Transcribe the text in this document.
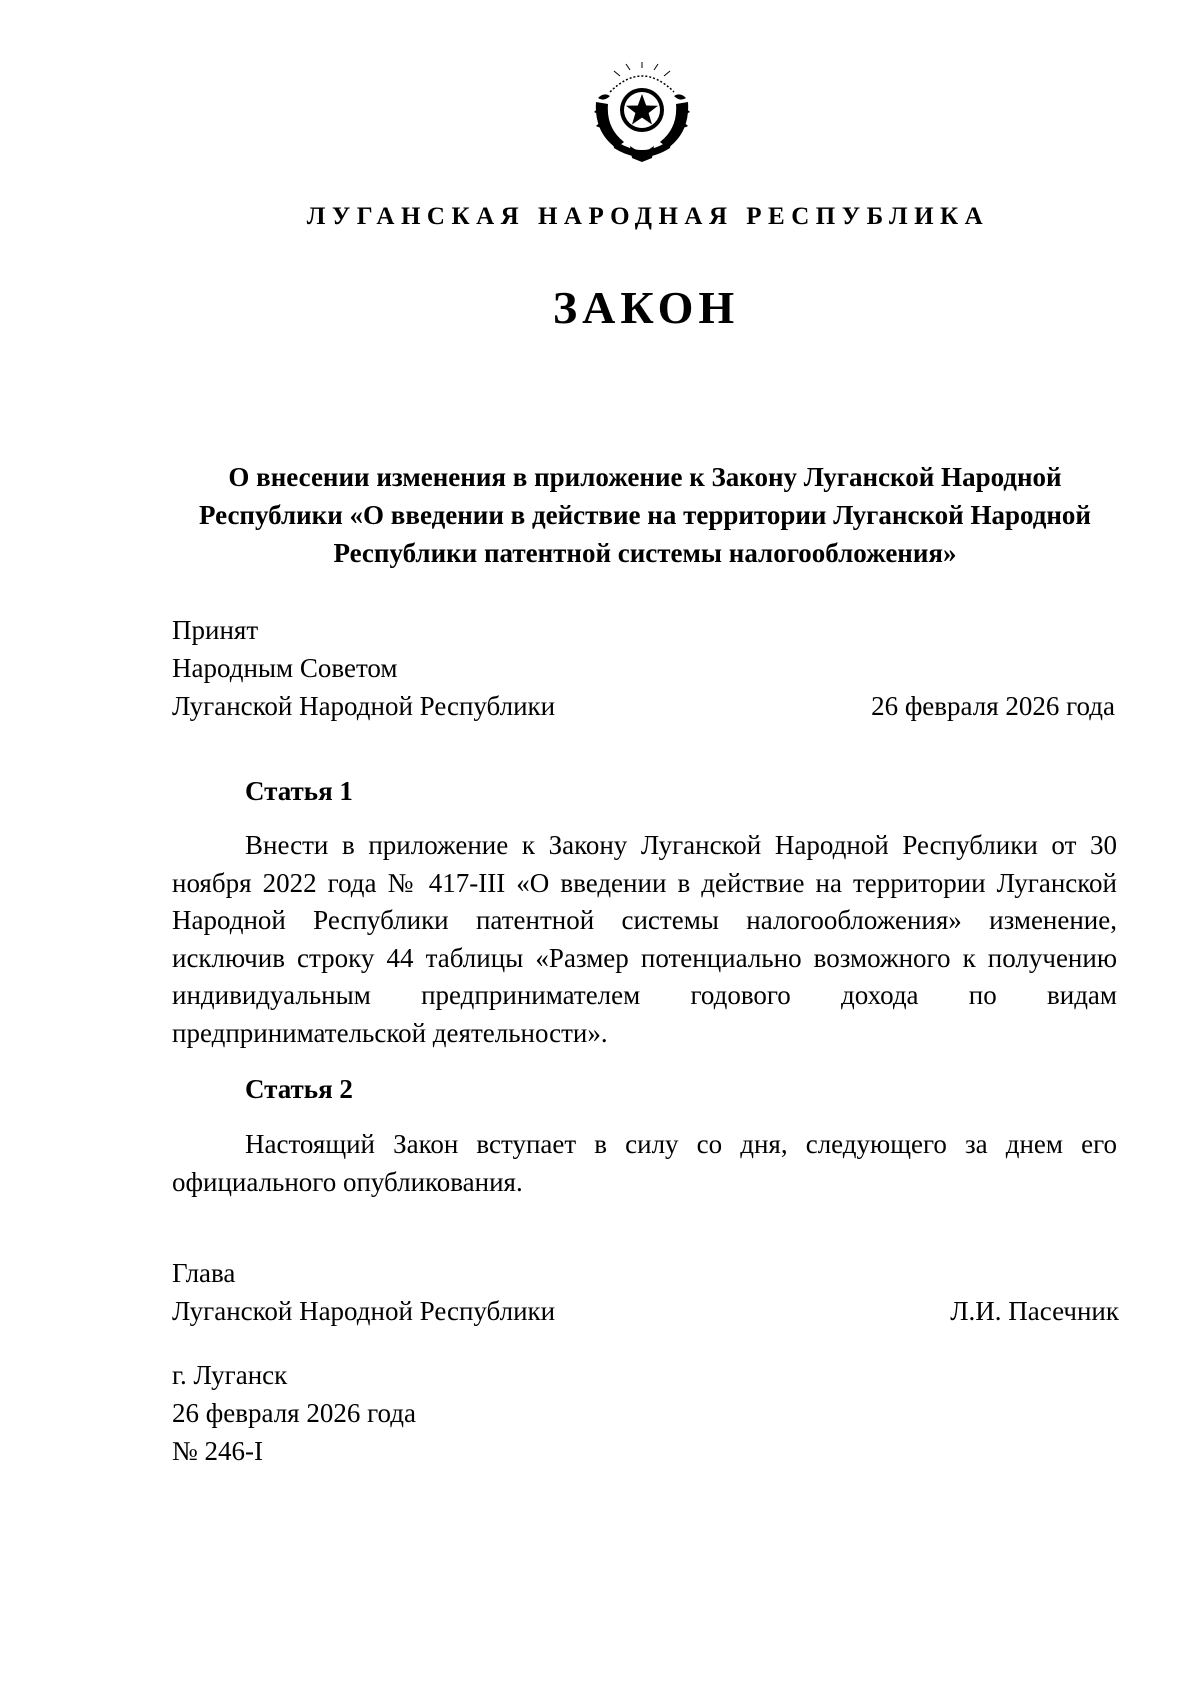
ЛУГАНСКАЯ НАРОДНАЯ РЕСПУБЛИКА
ЗАКОН
О внесении изменения в приложение к Закону Луганской Народной
Республики «О введении в действие на территории Луганской Народной
Республики патентной системы налогообложения»
Принят
Народным Советом
Луганской Народной Республики	26 февраля 2026 года
Статья 1

Внести в приложение к Закону Луганской Народной Республики от 30 ноября 2022 года № 417-III «О введении в действие на территории Луганской Народной Республики патентной системы налогообложения» изменение, исключив строку 44 таблицы «Размер потенциально возможного к получению индивидуальным предпринимателем годового дохода по видам предпринимательской деятельности».

Статья 2

Настоящий Закон вступает в силу со дня, следующего за днем его официального опубликования.

Глава
Луганской Народной Республики	Л.И. Пасечник
г. Луганск
26 февраля 2026 года
№ 246-I
